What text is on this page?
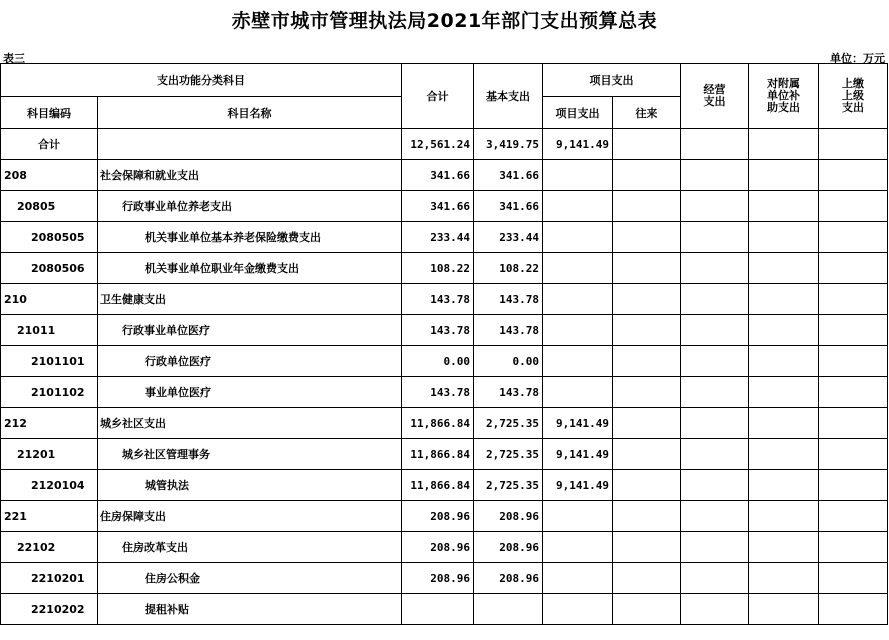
赤壁市城市管理执法局2021年部门支出预算总表
表三	单位：万元
支出功能分类科目		合计	基本支出	项目支出		经营支出	对附属单位补助支出	上缴上级支出
科目编码	科目名称			项目支出	往来			
合计		12,561.24	3,419.75	9,141.49				
208	社会保障和就业支出	341.66	341.66					
20805	行政事业单位养老支出	341.66	341.66					
2080505	机关事业单位基本养老保险缴费支出	233.44	233.44					
2080506	机关事业单位职业年金缴费支出	108.22	108.22					
210	卫生健康支出	143.78	143.78					
21011	行政事业单位医疗	143.78	143.78					
2101101	行政单位医疗	0.00	0.00					
2101102	事业单位医疗	143.78	143.78					
212	城乡社区支出	11,866.84	2,725.35	9,141.49				
21201	城乡社区管理事务	11,866.84	2,725.35	9,141.49				
2120104	城管执法	11,866.84	2,725.35	9,141.49				
221	住房保障支出	208.96	208.96					
22102	住房改革支出	208.96	208.96					
2210201	住房公积金	208.96	208.96					
2210202	提租补贴							
